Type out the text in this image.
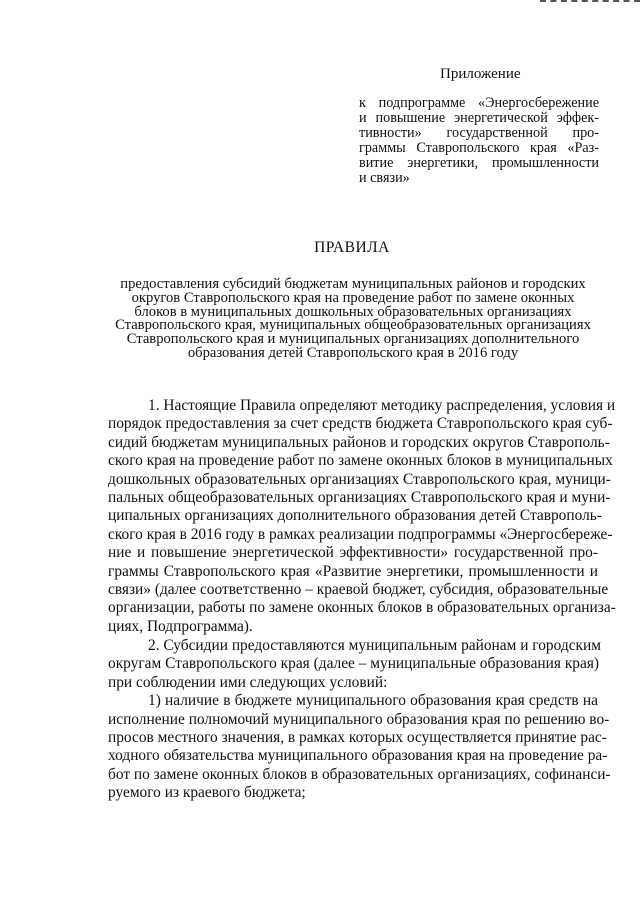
Приложение
к подпрограмме «Энергосбережение
и повышение энергетической эффек-
тивности» государственной про-
граммы Ставропольского края «Раз-
витие энергетики, промышленности
и связи»
ПРАВИЛА
предоставления субсидий бюджетам муниципальных районов и городских
округов Ставропольского края на проведение работ по замене оконных
блоков в муниципальных дошкольных образовательных организациях
Ставропольского края, муниципальных общеобразовательных организациях
Ставропольского края и муниципальных организациях дополнительного
образования детей Ставропольского края в 2016 году
1. Настоящие Правила определяют методику распределения, условия и
порядок предоставления за счет средств бюджета Ставропольского края суб-
сидий бюджетам муниципальных районов и городских округов Ставрополь-
ского края на проведение работ по замене оконных блоков в муниципальных
дошкольных образовательных организациях Ставропольского края, муници-
пальных общеобразовательных организациях Ставропольского края и муни-
ципальных организациях дополнительного образования детей Ставрополь-
ского края в 2016 году в рамках реализации подпрограммы «Энергосбереже-
ние и повышение энергетической эффективности» государственной про-
граммы Ставропольского края «Развитие энергетики, промышленности и
связи» (далее соответственно – краевой бюджет, субсидия, образовательные
организации, работы по замене оконных блоков в образовательных организа-
циях, Подпрограмма).
2. Субсидии предоставляются муниципальным районам и городским
округам Ставропольского края (далее – муниципальные образования края)
при соблюдении ими следующих условий:
1) наличие в бюджете муниципального образования края средств на
исполнение полномочий муниципального образования края по решению во-
просов местного значения, в рамках которых осуществляется принятие рас-
ходного обязательства муниципального образования края на проведение ра-
бот по замене оконных блоков в образовательных организациях, софинанси-
руемого из краевого бюджета;
